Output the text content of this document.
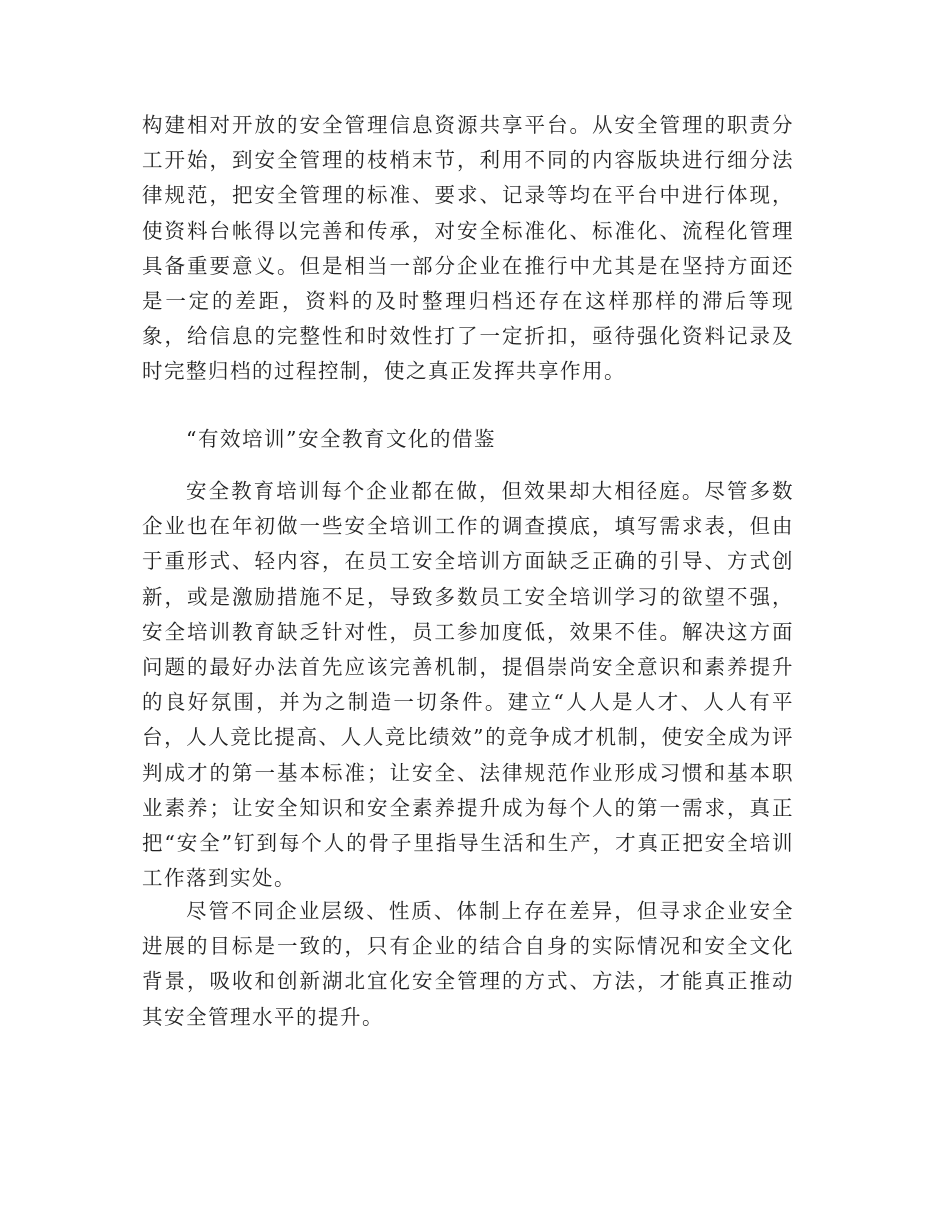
构建相对开放的安全管理信息资源共享平台。从安全管理的职责分工开始，到安全管理的枝梢末节，利用不同的内容版块进行细分法律规范，把安全管理的标准、要求、记录等均在平台中进行体现，使资料台帐得以完善和传承，对安全标准化、标准化、流程化管理具备重要意义。但是相当一部分企业在推行中尤其是在坚持方面还是一定的差距，资料的及时整理归档还存在这样那样的滞后等现象，给信息的完整性和时效性打了一定折扣，亟待强化资料记录及时完整归档的过程控制，使之真正发挥共享作用。

“有效培训”安全教育文化的借鉴

安全教育培训每个企业都在做，但效果却大相径庭。尽管多数企业也在年初做一些安全培训工作的调查摸底，填写需求表，但由于重形式、轻内容，在员工安全培训方面缺乏正确的引导、方式创新，或是激励措施不足，导致多数员工安全培训学习的欲望不强，安全培训教育缺乏针对性，员工参加度低，效果不佳。解决这方面问题的最好办法首先应该完善机制，提倡崇尚安全意识和素养提升的良好氛围，并为之制造一切条件。建立“人人是人才、人人有平台，人人竞比提高、人人竞比绩效”的竞争成才机制，使安全成为评判成才的第一基本标准；让安全、法律规范作业形成习惯和基本职业素养；让安全知识和安全素养提升成为每个人的第一需求，真正把“安全”钉到每个人的骨子里指导生活和生产，才真正把安全培训工作落到实处。

尽管不同企业层级、性质、体制上存在差异，但寻求企业安全进展的目标是一致的，只有企业的结合自身的实际情况和安全文化背景，吸收和创新湖北宜化安全管理的方式、方法，才能真正推动其安全管理水平的提升。
